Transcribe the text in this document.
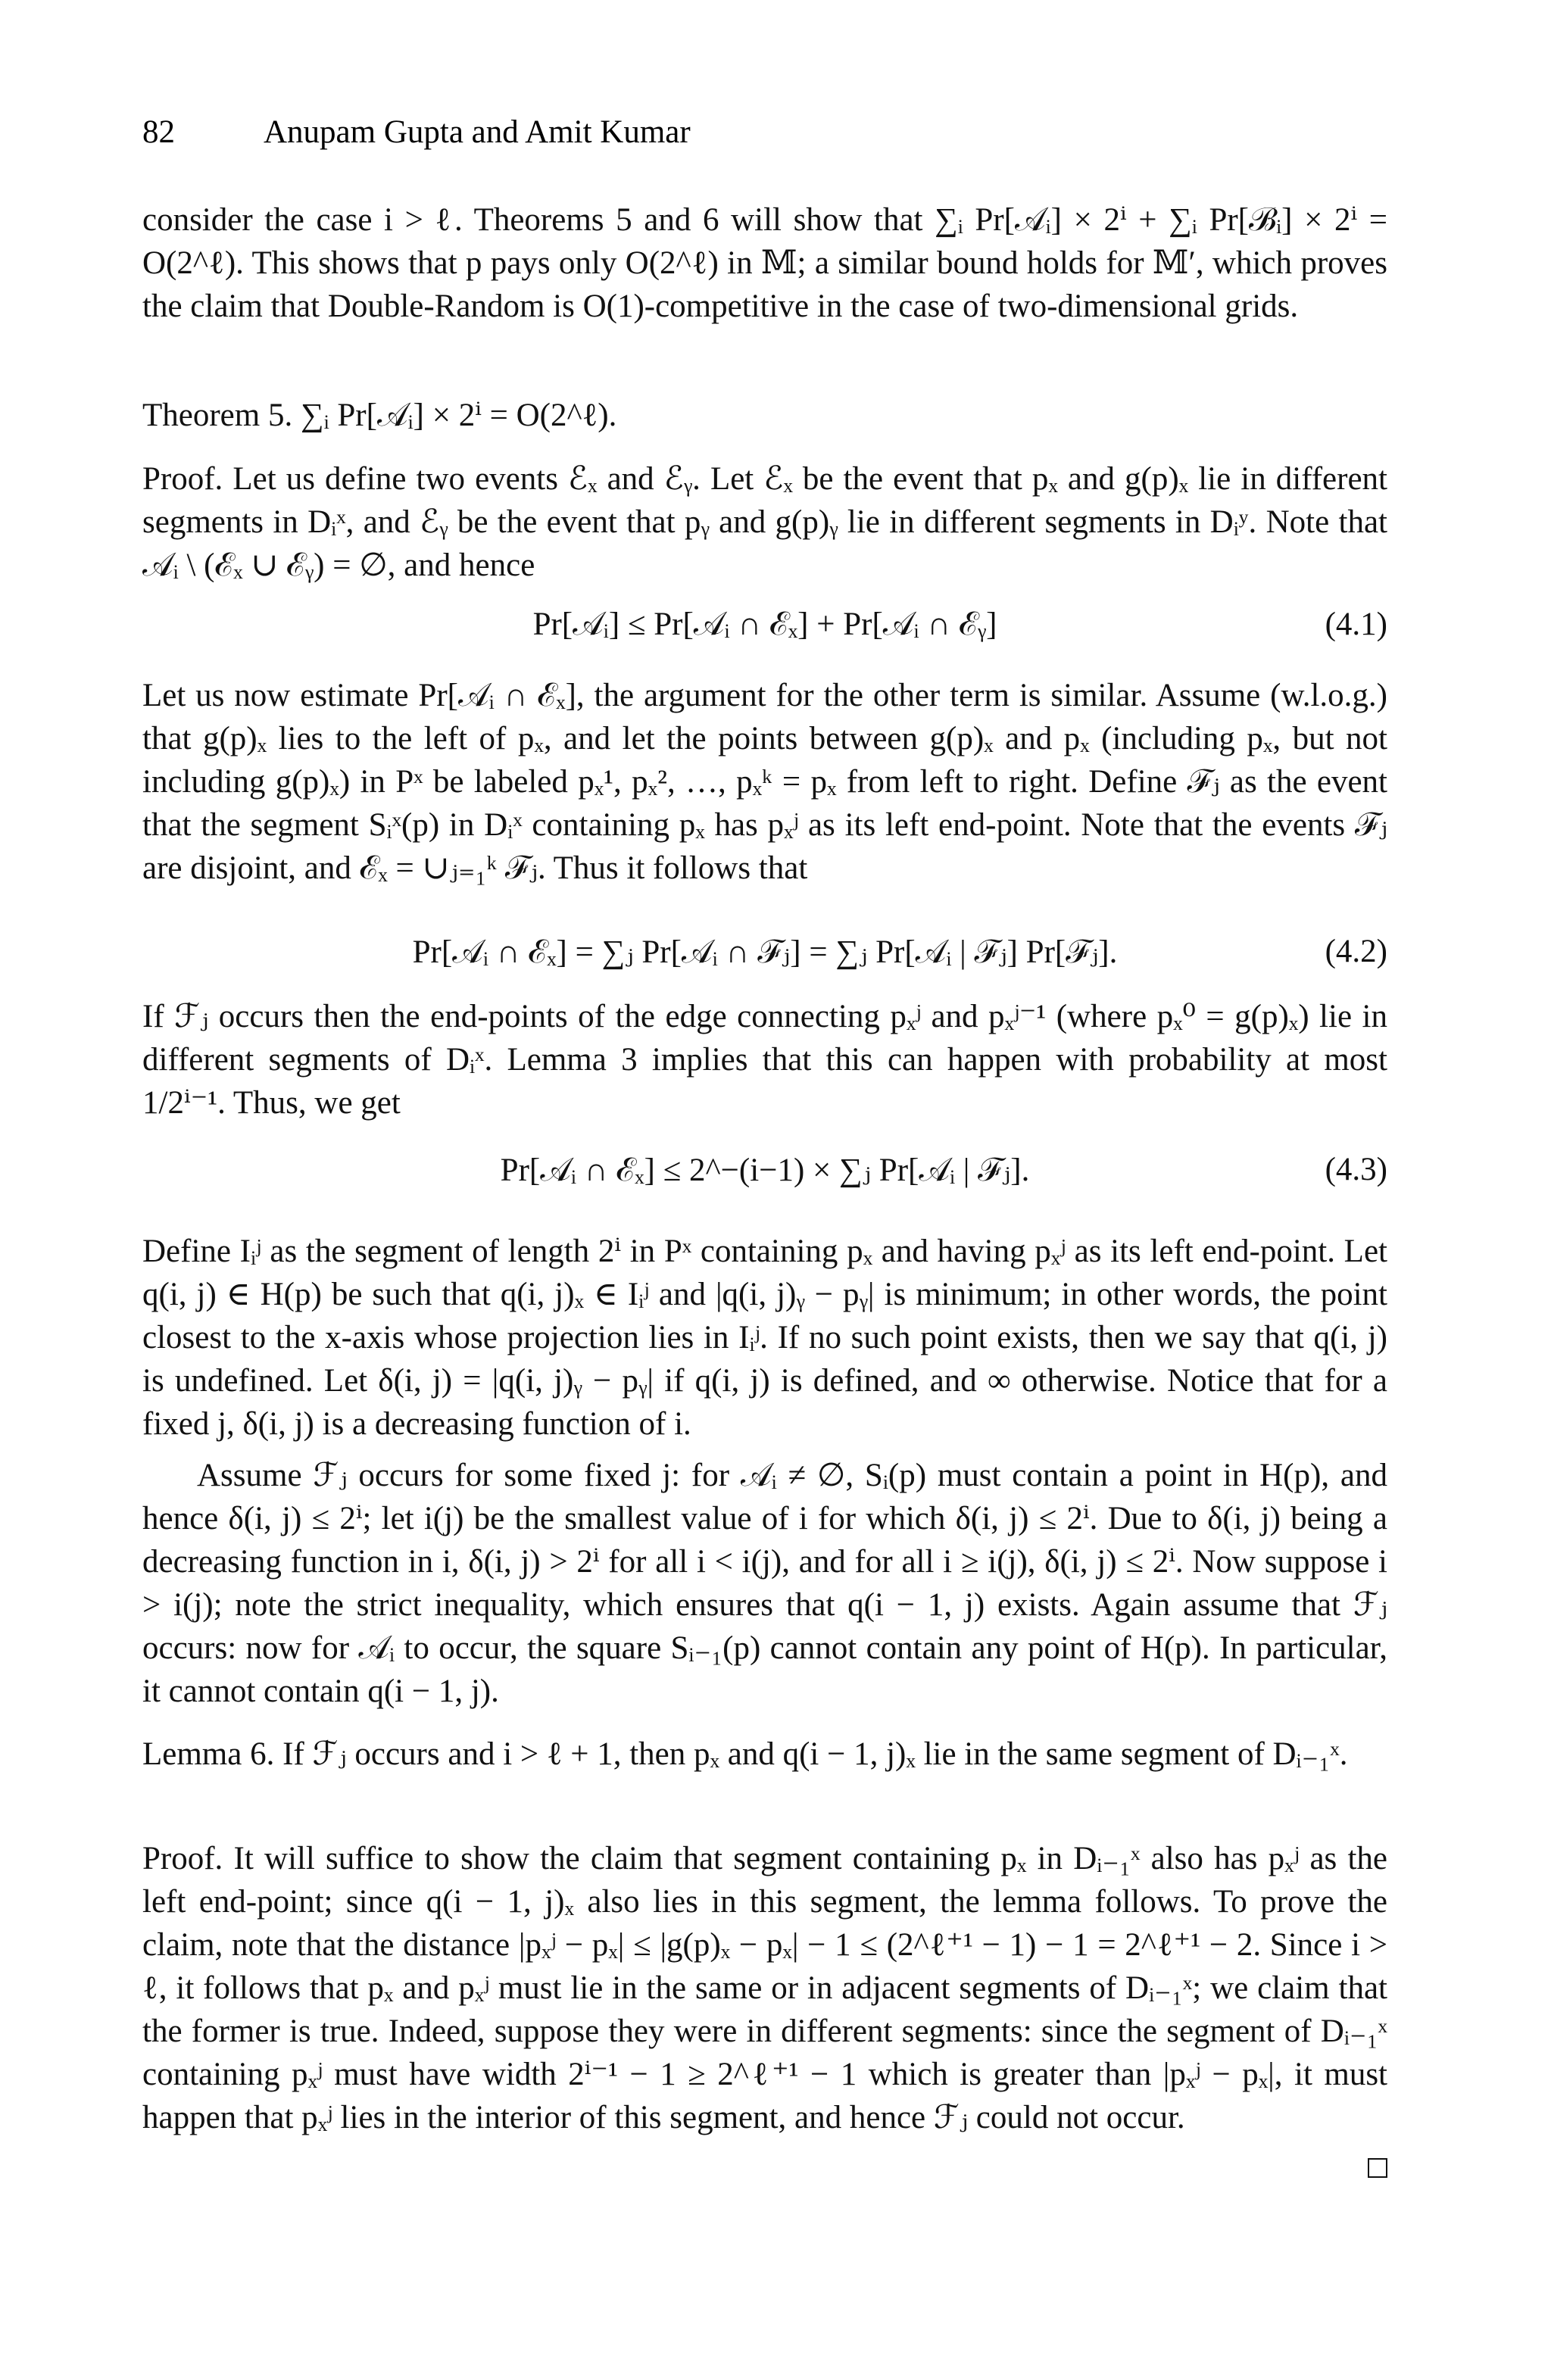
82	Anupam Gupta and Amit Kumar
consider the case i > ℓ. Theorems 5 and 6 will show that ∑ᵢ Pr[𝒜ᵢ] × 2ⁱ + ∑ᵢ Pr[ℬᵢ] × 2ⁱ = O(2^ℓ). This shows that p pays only O(2^ℓ) in 𝕄; a similar bound holds for 𝕄′, which proves the claim that Double-Random is O(1)-competitive in the case of two-dimensional grids.
Theorem 5. ∑ᵢ Pr[𝒜ᵢ] × 2ⁱ = O(2^ℓ).
Proof. Let us define two events ℰₓ and ℰᵧ. Let ℰₓ be the event that pₓ and g(p)ₓ lie in different segments in Dᵢˣ, and ℰᵧ be the event that pᵧ and g(p)ᵧ lie in different segments in Dᵢʸ. Note that 𝒜ᵢ \ (ℰₓ ∪ ℰᵧ) = ∅, and hence
Pr[𝒜ᵢ] ≤ Pr[𝒜ᵢ ∩ ℰₓ] + Pr[𝒜ᵢ ∩ ℰᵧ]	(4.1)
Let us now estimate Pr[𝒜ᵢ ∩ ℰₓ], the argument for the other term is similar. Assume (w.l.o.g.) that g(p)ₓ lies to the left of pₓ, and let the points between g(p)ₓ and pₓ (including pₓ, but not including g(p)ₓ) in Pˣ be labeled pₓ¹, pₓ², …, pₓᵏ = pₓ from left to right. Define ℱⱼ as the event that the segment Sᵢˣ(p) in Dᵢˣ containing pₓ has pₓʲ as its left end-point. Note that the events ℱⱼ are disjoint, and ℰₓ = ∪ⱼ₌₁ᵏ ℱⱼ. Thus it follows that
Pr[𝒜ᵢ ∩ ℰₓ] = ∑ⱼ Pr[𝒜ᵢ ∩ ℱⱼ] = ∑ⱼ Pr[𝒜ᵢ | ℱⱼ] Pr[ℱⱼ].	(4.2)
If ℱⱼ occurs then the end-points of the edge connecting pₓʲ and pₓʲ⁻¹ (where pₓ⁰ = g(p)ₓ) lie in different segments of Dᵢˣ. Lemma 3 implies that this can happen with probability at most 1/2ⁱ⁻¹. Thus, we get
Pr[𝒜ᵢ ∩ ℰₓ] ≤ 2^−(i−1) × ∑ⱼ Pr[𝒜ᵢ | ℱⱼ].	(4.3)
Define Iᵢʲ as the segment of length 2ⁱ in Pˣ containing pₓ and having pₓʲ as its left end-point. Let q(i, j) ∈ H(p) be such that q(i, j)ₓ ∈ Iᵢʲ and |q(i, j)ᵧ − pᵧ| is minimum; in other words, the point closest to the x-axis whose projection lies in Iᵢʲ. If no such point exists, then we say that q(i, j) is undefined. Let δ(i, j) = |q(i, j)ᵧ − pᵧ| if q(i, j) is defined, and ∞ otherwise. Notice that for a fixed j, δ(i, j) is a decreasing function of i.
Assume ℱⱼ occurs for some fixed j: for 𝒜ᵢ ≠ ∅, Sᵢ(p) must contain a point in H(p), and hence δ(i, j) ≤ 2ⁱ; let i(j) be the smallest value of i for which δ(i, j) ≤ 2ⁱ. Due to δ(i, j) being a decreasing function in i, δ(i, j) > 2ⁱ for all i < i(j), and for all i ≥ i(j), δ(i, j) ≤ 2ⁱ. Now suppose i > i(j); note the strict inequality, which ensures that q(i − 1, j) exists. Again assume that ℱⱼ occurs: now for 𝒜ᵢ to occur, the square Sᵢ₋₁(p) cannot contain any point of H(p). In particular, it cannot contain q(i − 1, j).
Lemma 6. If ℱⱼ occurs and i > ℓ + 1, then pₓ and q(i − 1, j)ₓ lie in the same segment of Dᵢ₋₁ˣ.
Proof. It will suffice to show the claim that segment containing pₓ in Dᵢ₋₁ˣ also has pₓʲ as the left end-point; since q(i − 1, j)ₓ also lies in this segment, the lemma follows. To prove the claim, note that the distance |pₓʲ − pₓ| ≤ |g(p)ₓ − pₓ| − 1 ≤ (2^ℓ⁺¹ − 1) − 1 = 2^ℓ⁺¹ − 2. Since i > ℓ, it follows that pₓ and pₓʲ must lie in the same or in adjacent segments of Dᵢ₋₁ˣ; we claim that the former is true. Indeed, suppose they were in different segments: since the segment of Dᵢ₋₁ˣ containing pₓʲ must have width 2ⁱ⁻¹ − 1 ≥ 2^ℓ⁺¹ − 1 which is greater than |pₓʲ − pₓ|, it must happen that pₓʲ lies in the interior of this segment, and hence ℱⱼ could not occur.
